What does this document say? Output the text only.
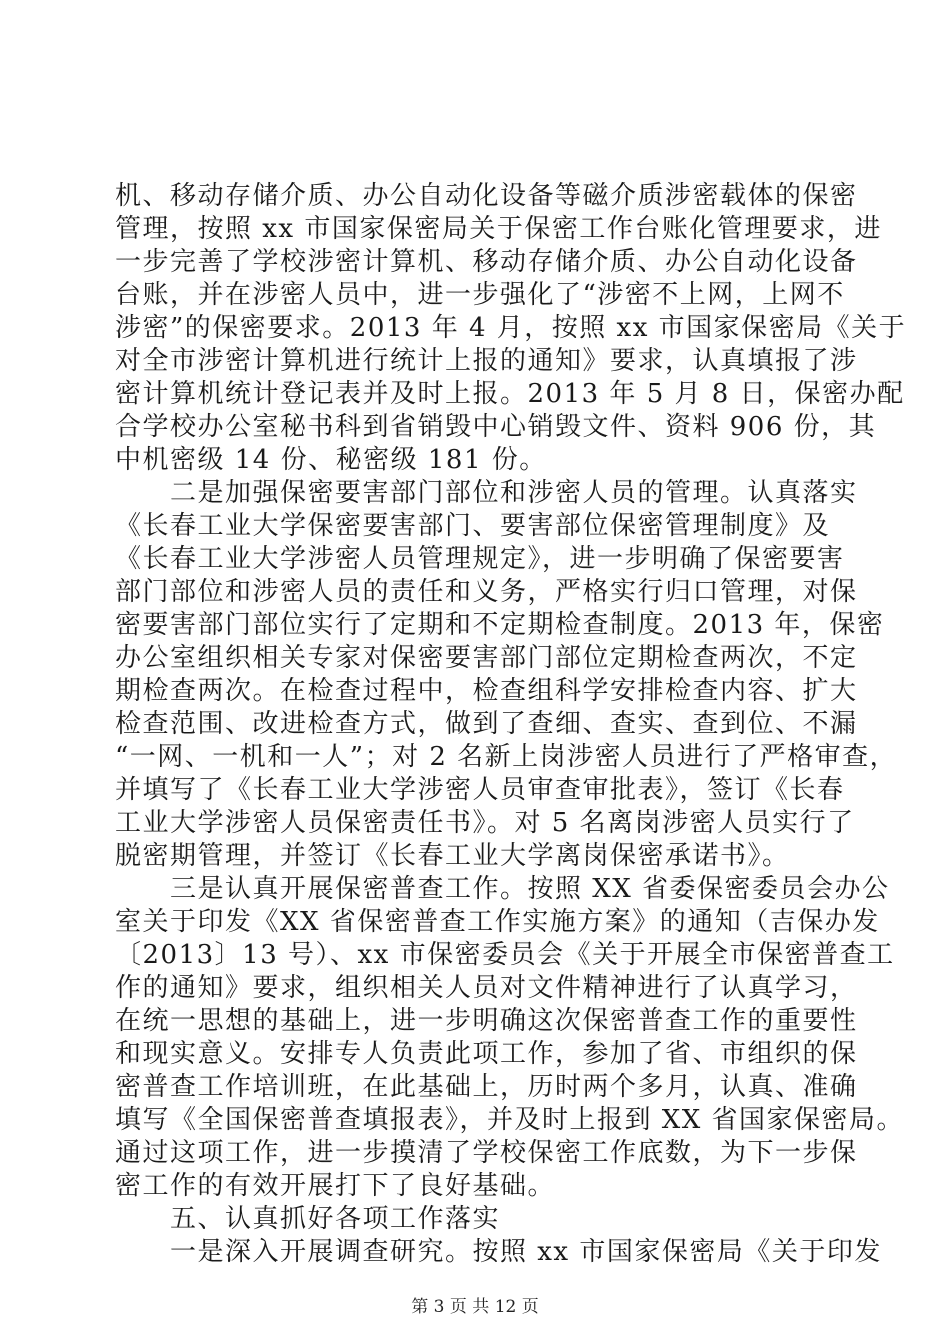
机、移动存储介质、办公自动化设备等磁介质涉密载体的保密
管理，按照 xx 市国家保密局关于保密工作台账化管理要求，进
一步完善了学校涉密计算机、移动存储介质、办公自动化设备
台账，并在涉密人员中，进一步强化了“涉密不上网，上网不
涉密”的保密要求。2013 年 4 月，按照 xx 市国家保密局《关于
对全市涉密计算机进行统计上报的通知》要求，认真填报了涉
密计算机统计登记表并及时上报。2013 年 5 月 8 日，保密办配
合学校办公室秘书科到省销毁中心销毁文件、资料 906 份，其
中机密级 14 份、秘密级 181 份。
二是加强保密要害部门部位和涉密人员的管理。认真落实
《长春工业大学保密要害部门、要害部位保密管理制度》及
《长春工业大学涉密人员管理规定》，进一步明确了保密要害
部门部位和涉密人员的责任和义务，严格实行归口管理，对保
密要害部门部位实行了定期和不定期检查制度。2013 年，保密
办公室组织相关专家对保密要害部门部位定期检查两次，不定
期检查两次。在检查过程中，检查组科学安排检查内容、扩大
检查范围、改进检查方式，做到了查细、查实、查到位、不漏
“一网、一机和一人”；对 2 名新上岗涉密人员进行了严格审查，
并填写了《长春工业大学涉密人员审查审批表》，签订《长春
工业大学涉密人员保密责任书》。对 5 名离岗涉密人员实行了
脱密期管理，并签订《长春工业大学离岗保密承诺书》。
三是认真开展保密普查工作。按照 XX 省委保密委员会办公
室关于印发《XX 省保密普查工作实施方案》的通知（吉保办发
〔2013〕13 号）、xx 市保密委员会《关于开展全市保密普查工
作的通知》要求，组织相关人员对文件精神进行了认真学习，
在统一思想的基础上，进一步明确这次保密普查工作的重要性
和现实意义。安排专人负责此项工作，参加了省、市组织的保
密普查工作培训班，在此基础上，历时两个多月，认真、准确
填写《全国保密普查填报表》，并及时上报到 XX 省国家保密局。
通过这项工作，进一步摸清了学校保密工作底数，为下一步保
密工作的有效开展打下了良好基础。
五、认真抓好各项工作落实
一是深入开展调查研究。按照 xx 市国家保密局《关于印发
第 3 页 共 12 页
